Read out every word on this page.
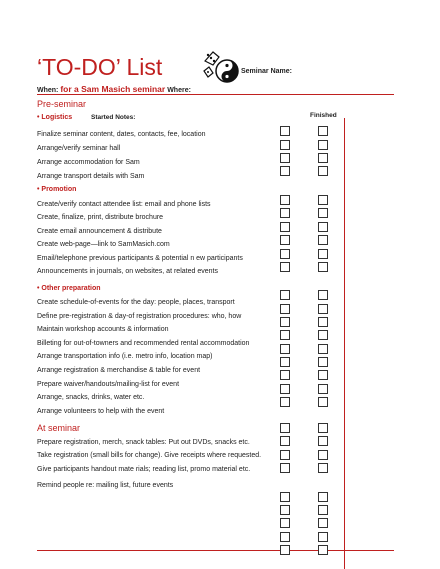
‘TO-DO’ List	Seminar Name:
When: for a Sam Masich seminar Where:
Pre-seminar
• Logistics	Started Notes:	Finished
Finalize seminar content, dates, contacts, fee, location
Arrange/verify seminar hall
Arrange accommodation for Sam
Arrange transport details with Sam
• Promotion
Create/verify contact attendee list: email and phone lists
Create, finalize, print, distribute brochure
Create email announcement & distribute
Create web-page—link to SamMasich.com
Email/telephone previous participants & potential n ew participants
Announcements in journals, on websites, at related events
• Other preparation
Create schedule-of-events for the day: people, places, transport
Define pre-registration & day-of registration procedures: who, how
Maintain workshop accounts & information
Billeting for out-of-towners and recommended rental accommodation
Arrange transportation info (i.e. metro info, location map)
Arrange registration & merchandise & table for event
Prepare waiver/handouts/mailing-list for event
Arrange, snacks, drinks, water etc.
Arrange volunteers to help with the event
At seminar
Prepare registration, merch, snack tables: Put out DVDs, snacks etc.
Take registration (small bills for change). Give receipts where requested.
Give participants handout mate rials; reading list, promo material etc.
Remind people re: mailing list, future events
